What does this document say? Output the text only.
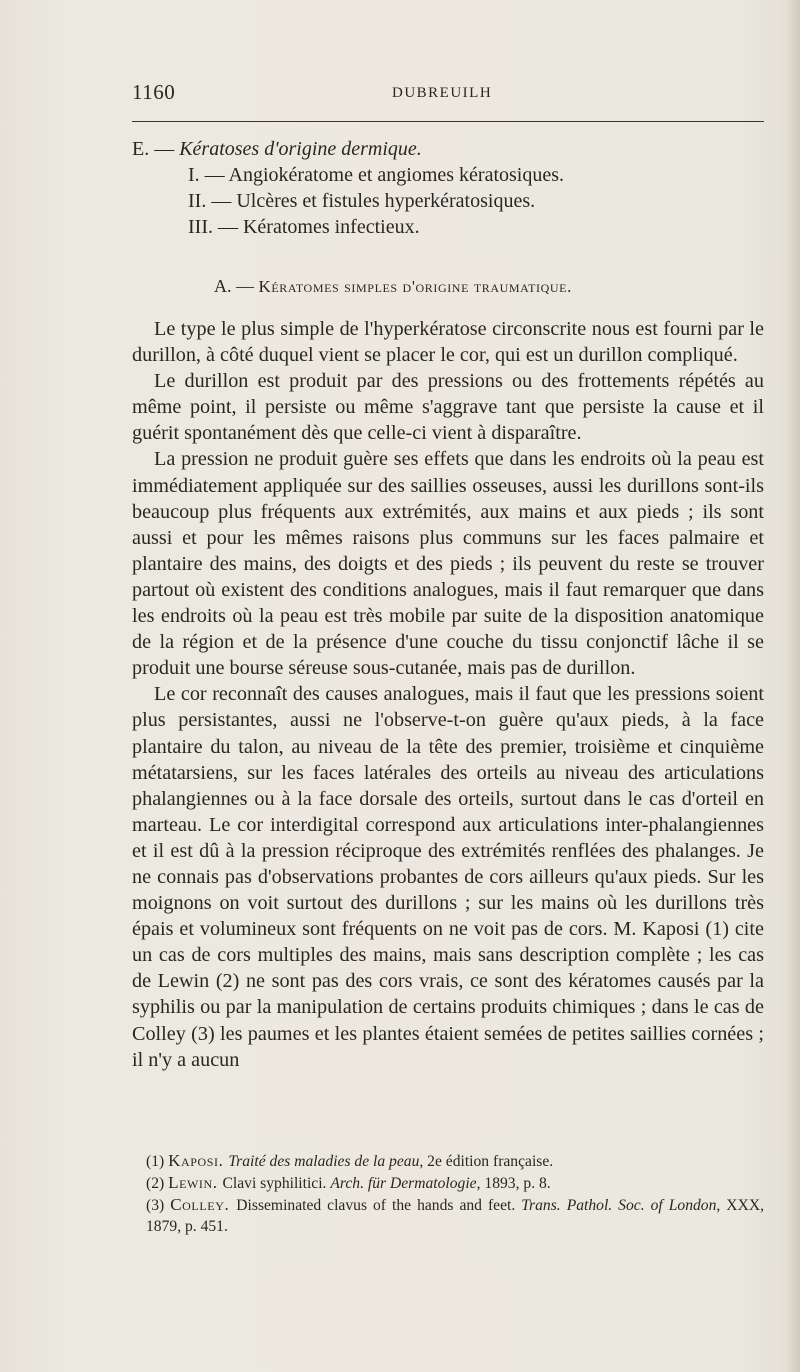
1160	DUBREUILH
E. — Kératoses d'origine dermique.
I. — Angiokératome et angiomes kératosiques.
II. — Ulcères et fistules hyperkératosiques.
III. — Kératomes infectieux.
A. — Kératomes simples d'origine traumatique.

Le type le plus simple de l'hyperkératose circonscrite nous est fourni par le durillon, à côté duquel vient se placer le cor, qui est un durillon compliqué.

Le durillon est produit par des pressions ou des frottements répétés au même point, il persiste ou même s'aggrave tant que persiste la cause et il guérit spontanément dès que celle-ci vient à disparaître.

La pression ne produit guère ses effets que dans les endroits où la peau est immédiatement appliquée sur des saillies osseuses, aussi les durillons sont-ils beaucoup plus fréquents aux extrémités, aux mains et aux pieds ; ils sont aussi et pour les mêmes raisons plus communs sur les faces palmaire et plantaire des mains, des doigts et des pieds ; ils peuvent du reste se trouver partout où existent des conditions analogues, mais il faut remarquer que dans les endroits où la peau est très mobile par suite de la disposition anatomique de la région et de la présence d'une couche du tissu conjonctif lâche il se produit une bourse séreuse sous-cutanée, mais pas de durillon.

Le cor reconnaît des causes analogues, mais il faut que les pressions soient plus persistantes, aussi ne l'observe-t-on guère qu'aux pieds, à la face plantaire du talon, au niveau de la tête des premier, troisième et cinquième métatarsiens, sur les faces latérales des orteils au niveau des articulations phalangiennes ou à la face dorsale des orteils, surtout dans le cas d'orteil en marteau. Le cor interdigital correspond aux articulations inter-phalangiennes et il est dû à la pression réciproque des extrémités renflées des phalanges. Je ne connais pas d'observations probantes de cors ailleurs qu'aux pieds. Sur les moignons on voit surtout des durillons ; sur les mains où les durillons très épais et volumineux sont fréquents on ne voit pas de cors. M. Kaposi (1) cite un cas de cors multiples des mains, mais sans description complète ; les cas de Lewin (2) ne sont pas des cors vrais, ce sont des kératomes causés par la syphilis ou par la manipulation de certains produits chimiques ; dans le cas de Colley (3) les paumes et les plantes étaient semées de petites saillies cornées ; il n'y a aucun

(1) Kaposi. Traité des maladies de la peau, 2e édition française.

(2) Lewin. Clavi syphilitici. Arch. für Dermatologie, 1893, p. 8.

(3) Colley. Disseminated clavus of the hands and feet. Trans. Pathol. Soc. of London, XXX, 1879, p. 451.
